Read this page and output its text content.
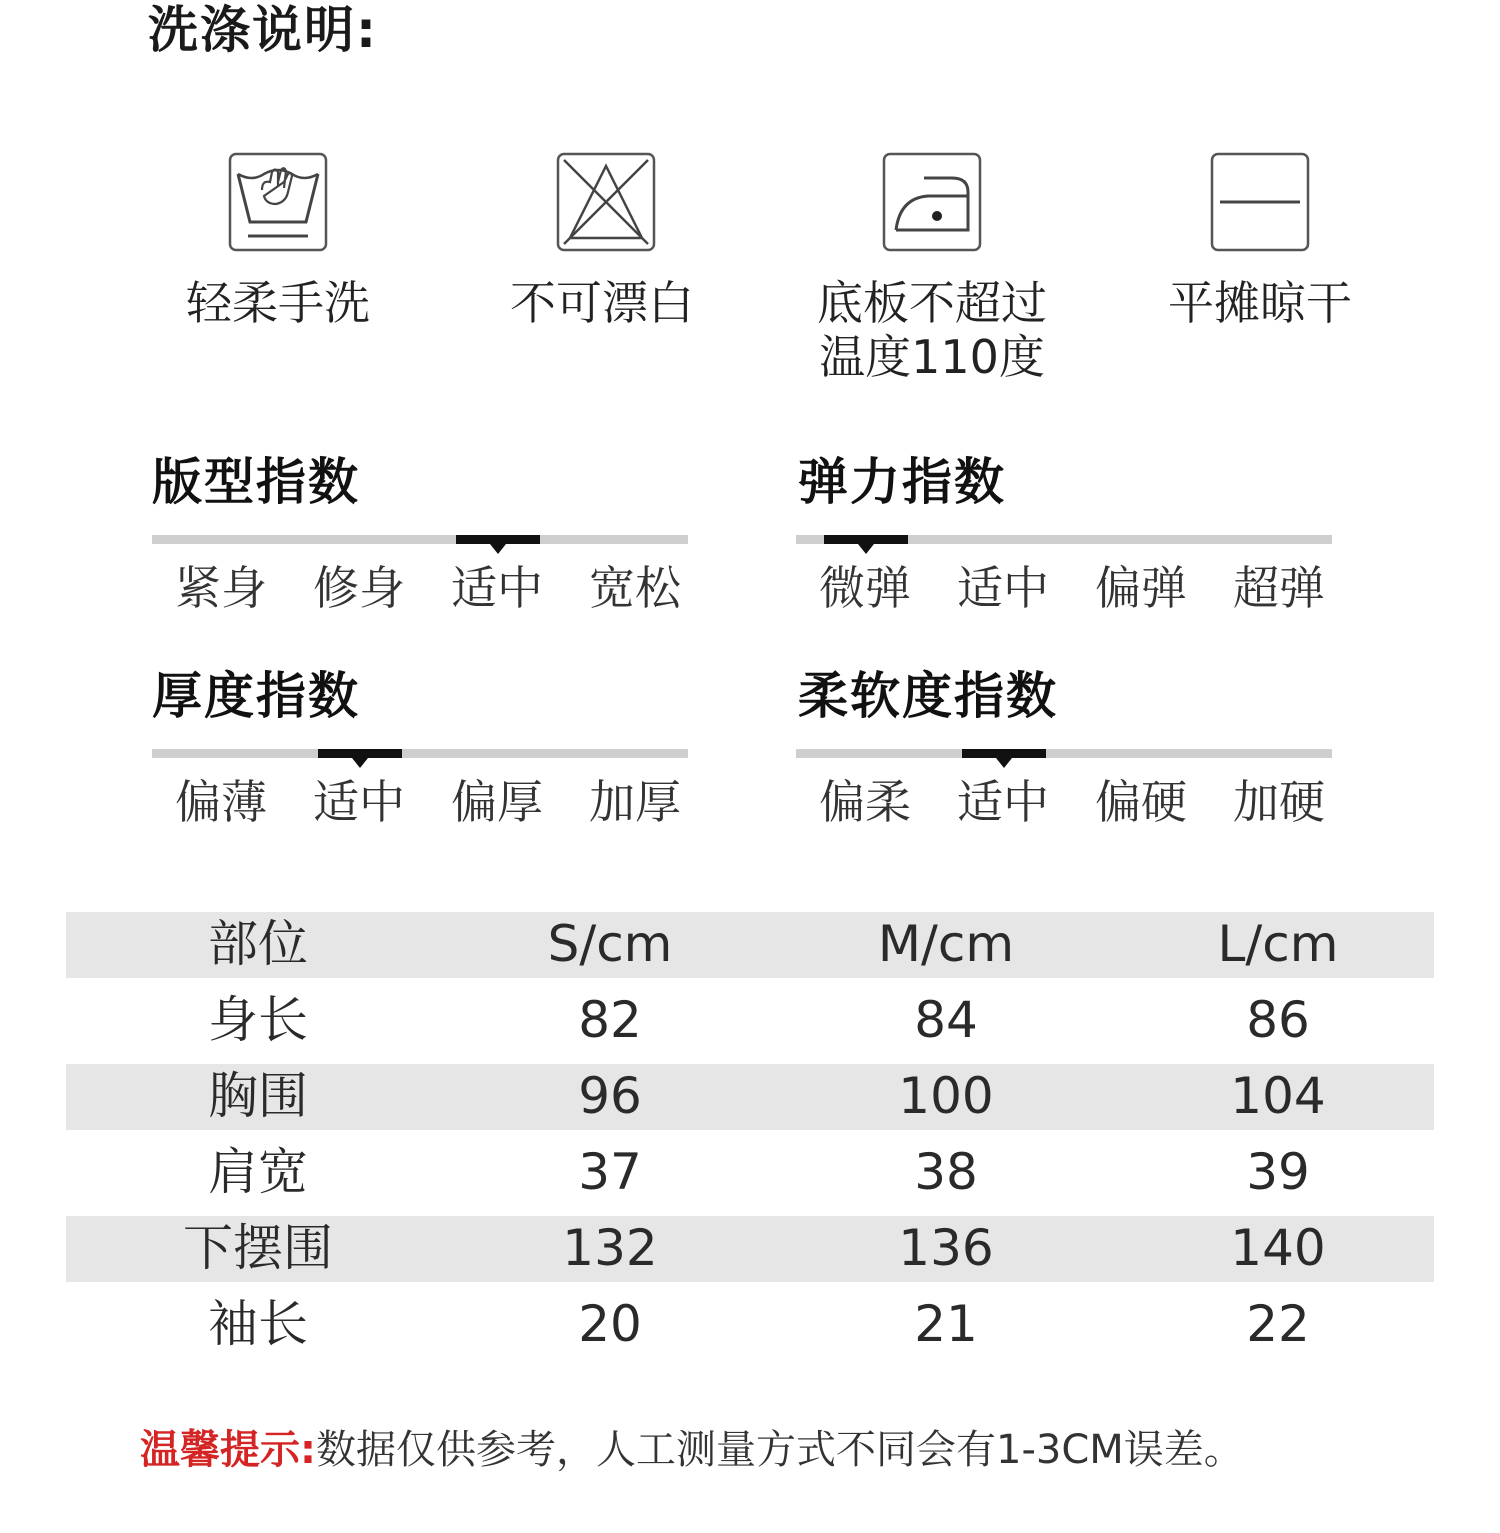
洗涤说明:
轻柔手洗	不可漂白	底板不超过
温度110度
平摊晾干
版型指数
紧身	修身	适中	宽松
弹力指数
微弹	适中	偏弹	超弹
厚度指数
偏薄	适中	偏厚	加厚
柔软度指数
偏柔	适中	偏硬	加硬
部位	S/cm	M/cm	L/cm
身长	82	84	86
胸围	96	100	104
肩宽	37	38	39
下摆围	132	136	140
袖长	20	21	22
温馨提示:数据仅供参考，人工测量方式不同会有1-3CM误差。
